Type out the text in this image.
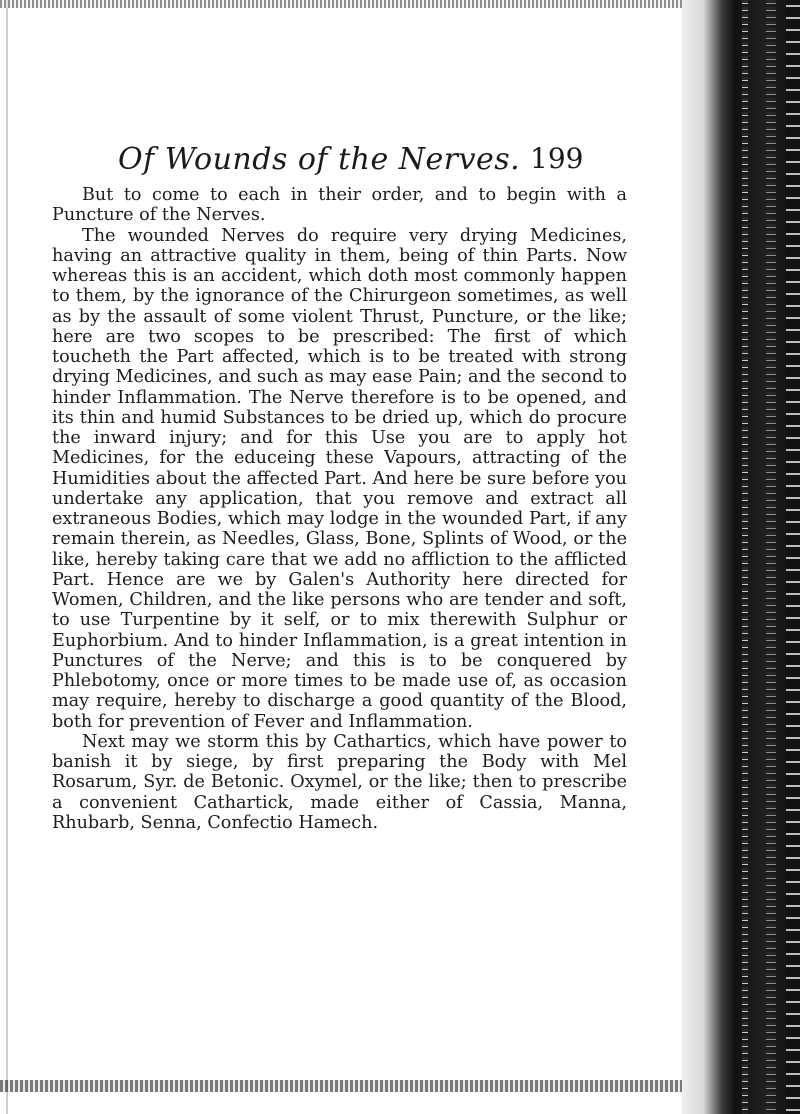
Of Wounds of the Nerves. 199

But to come to each in their order, and to begin with a Puncture of the Nerves.

The wounded Nerves do require very drying Medicines, having an attractive quality in them, being of thin Parts. Now whereas this is an accident, which doth most commonly happen to them, by the ignorance of the Chirurgeon sometimes, as well as by the assault of some violent Thrust, Puncture, or the like; here are two scopes to be prescribed: The first of which toucheth the Part affected, which is to be treated with strong drying Medicines, and such as may ease Pain; and the second to hinder Inflammation. The Nerve therefore is to be opened, and its thin and humid Substances to be dried up, which do procure the inward injury; and for this Use you are to apply hot Medicines, for the educeing these Vapours, attracting of the Humidities about the affected Part. And here be sure before you undertake any application, that you remove and extract all extraneous Bodies, which may lodge in the wounded Part, if any remain therein, as Needles, Glass, Bone, Splints of Wood, or the like, hereby taking care that we add no affliction to the afflicted Part. Hence are we by Galen's Authority here directed for Women, Children, and the like persons who are tender and soft, to use Turpentine by it self, or to mix therewith Sulphur or Euphorbium. And to hinder Inflammation, is a great intention in Punctures of the Nerve; and this is to be conquered by Phlebotomy, once or more times to be made use of, as occasion may require, hereby to discharge a good quantity of the Blood, both for prevention of Fever and Inflammation.

Next may we storm this by Cathartics, which have power to banish it by siege, by first preparing the Body with Mel Rosarum, Syr. de Betonic. Oxymel, or the like; then to prescribe a convenient Cathartick, made either of Cassia, Manna, Rhubarb, Senna, Confectio Hamech.
